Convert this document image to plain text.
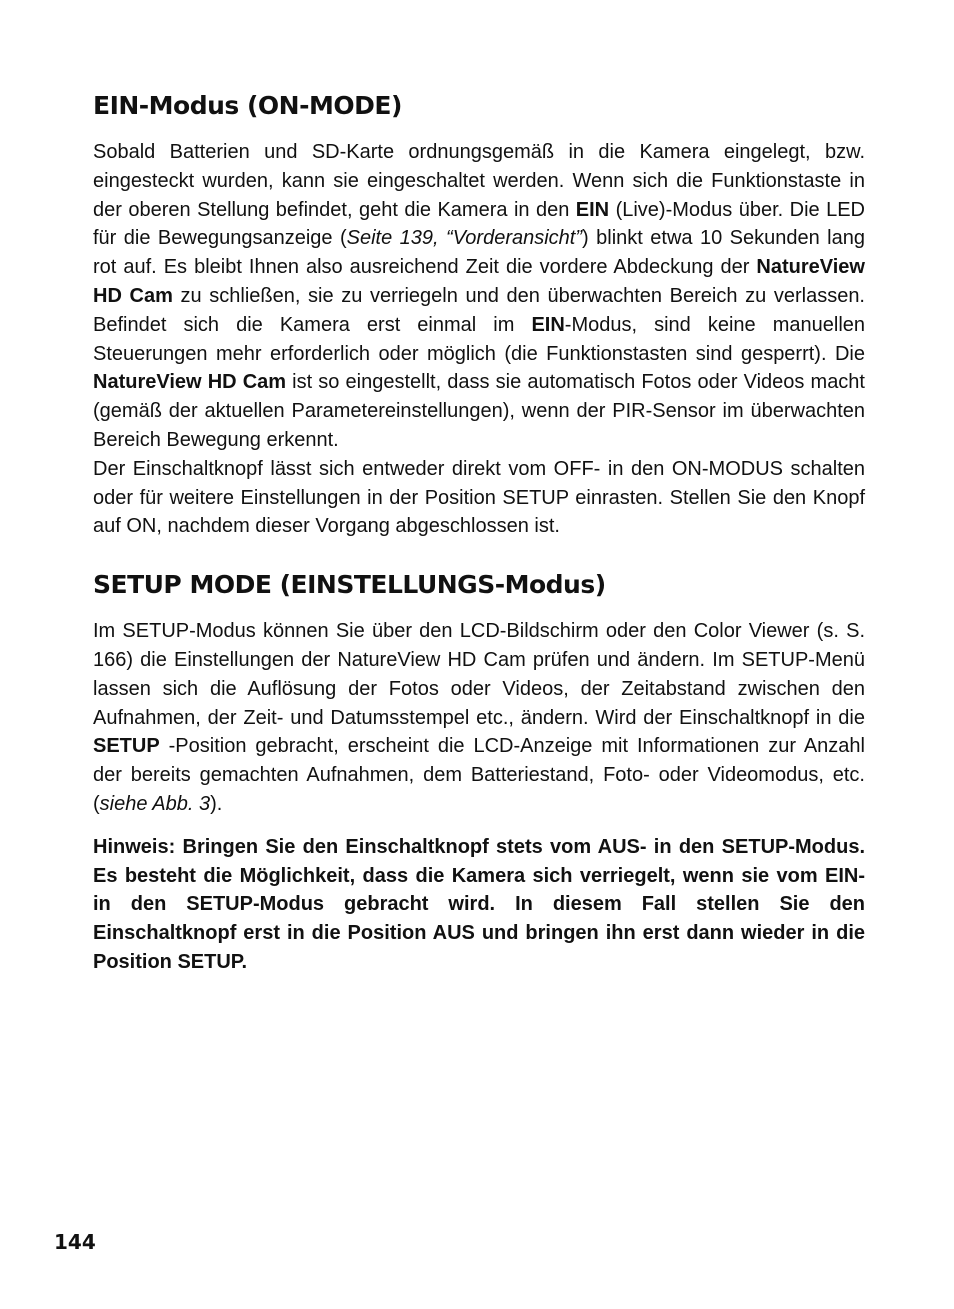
EIN-Modus (ON-MODE)

Sobald Batterien und SD-Karte ordnungsgemäß in die Kamera eingelegt, bzw. eingesteckt wurden, kann sie eingeschaltet werden. Wenn sich die Funktionstaste in der oberen Stellung befindet, geht die Kamera in den EIN (Live)-Modus über. Die LED für die Bewegungsanzeige (Seite 139, “Vorderansicht”) blinkt etwa 10 Sekunden lang rot auf. Es bleibt Ihnen also ausreichend Zeit die vordere Abdeckung der NatureView HD Cam zu schließen, sie zu verriegeln und den überwachten Bereich zu verlassen. Befindet sich die Kamera erst einmal im EIN-Modus, sind keine manuellen Steuerungen mehr erforderlich oder möglich (die Funktionstasten sind gesperrt). Die NatureView HD Cam ist so eingestellt, dass sie automatisch Fotos oder Videos macht (gemäß der aktuellen Parametereinstellungen), wenn der PIR-Sensor im überwachten Bereich Bewegung erkennt.

Der Einschaltknopf lässt sich entweder direkt vom OFF- in den ON-MODUS schalten oder für weitere Einstellungen in der Position SETUP einrasten. Stellen Sie den Knopf auf ON, nachdem dieser Vorgang abgeschlossen ist.

SETUP MODE (EINSTELLUNGS-Modus)

Im SETUP-Modus können Sie über den LCD-Bildschirm oder den Color Viewer (s. S. 166) die Einstellungen der NatureView HD Cam prüfen und ändern. Im SETUP-Menü lassen sich die Auflösung der Fotos oder Videos, der Zeitabstand zwischen den Aufnahmen, der Zeit- und Datumsstempel etc., ändern. Wird der Einschaltknopf in die SETUP -Position gebracht, erscheint die LCD-Anzeige mit Informationen zur Anzahl der bereits gemachten Aufnahmen, dem Batteriestand, Foto- oder Videomodus, etc. (siehe Abb. 3).

Hinweis: Bringen Sie den Einschaltknopf stets vom AUS- in den SETUP-Modus. Es besteht die Möglichkeit, dass die Kamera sich verriegelt, wenn sie vom EIN- in den SETUP-Modus gebracht wird. In diesem Fall stellen Sie den Einschaltknopf erst in die Position AUS und bringen ihn erst dann wieder in die Position SETUP.

144
